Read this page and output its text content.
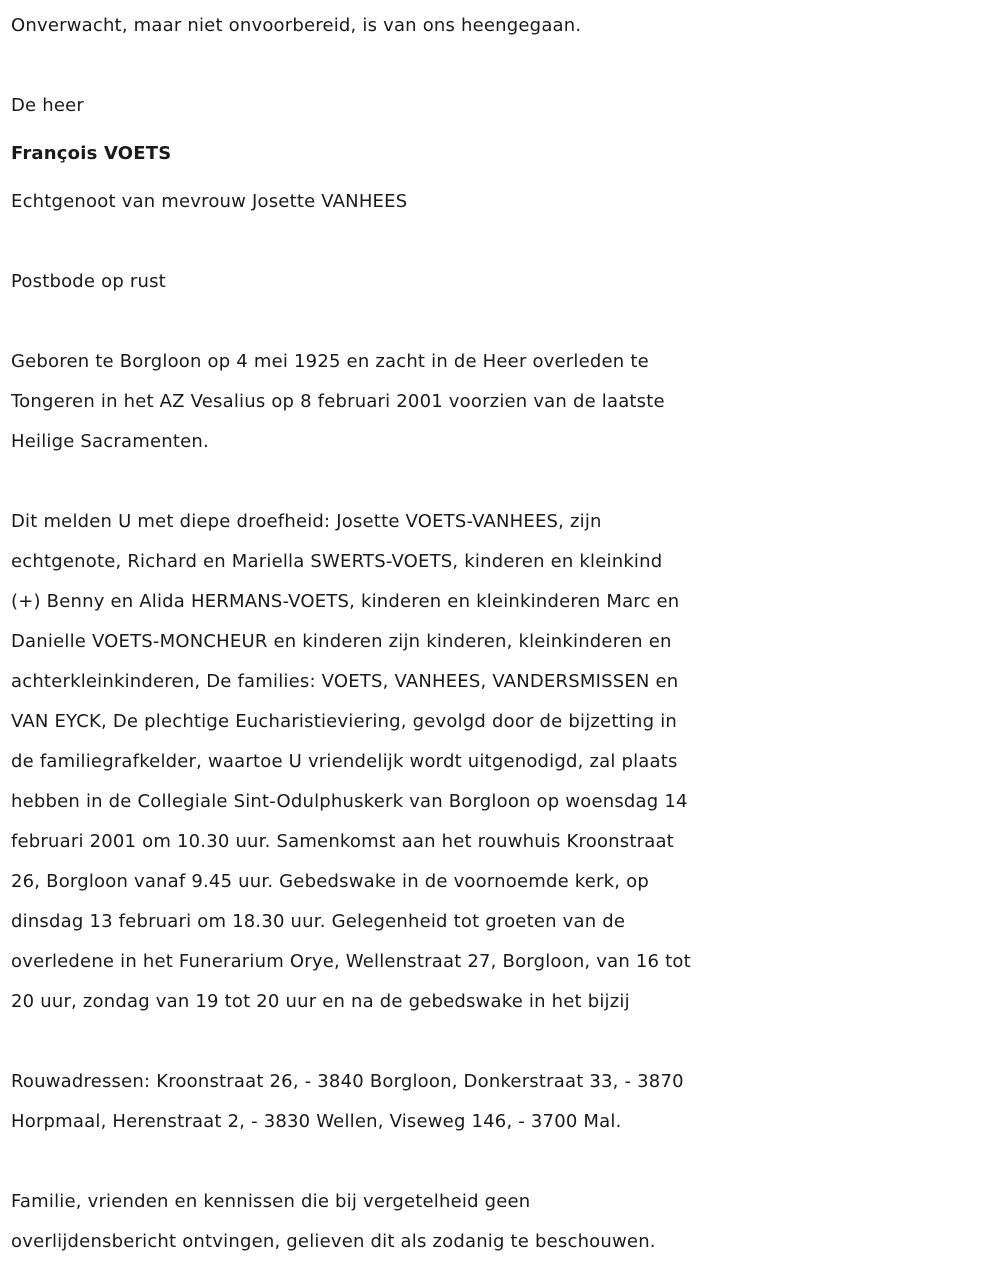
Onverwacht, maar niet onvoorbereid, is van ons heengegaan.

De heer

François VOETS

Echtgenoot van mevrouw Josette VANHEES

Postbode op rust

Geboren te Borgloon op 4 mei 1925 en zacht in de Heer overleden te
Tongeren in het AZ Vesalius op 8 februari 2001 voorzien van de laatste
Heilige Sacramenten.

Dit melden U met diepe droefheid: Josette VOETS-VANHEES, zijn
echtgenote, Richard en Mariella SWERTS-VOETS, kinderen en kleinkind
(+) Benny en Alida HERMANS-VOETS, kinderen en kleinkinderen Marc en
Danielle VOETS-MONCHEUR en kinderen zijn kinderen, kleinkinderen en
achterkleinkinderen, De families: VOETS, VANHEES, VANDERSMISSEN en
VAN EYCK, De plechtige Eucharistieviering, gevolgd door de bijzetting in
de familiegrafkelder, waartoe U vriendelijk wordt uitgenodigd, zal plaats
hebben in de Collegiale Sint-Odulphuskerk van Borgloon op woensdag 14
februari 2001 om 10.30 uur. Samenkomst aan het rouwhuis Kroonstraat
26, Borgloon vanaf 9.45 uur. Gebedswake in de voornoemde kerk, op
dinsdag 13 februari om 18.30 uur. Gelegenheid tot groeten van de
overledene in het Funerarium Orye, Wellenstraat 27, Borgloon, van 16 tot
20 uur, zondag van 19 tot 20 uur en na de gebedswake in het bijzij

Rouwadressen: Kroonstraat 26, - 3840 Borgloon, Donkerstraat 33, - 3870
Horpmaal, Herenstraat 2, - 3830 Wellen, Viseweg 146, - 3700 Mal.

Familie, vrienden en kennissen die bij vergetelheid geen
overlijdensbericht ontvingen, gelieven dit als zodanig te beschouwen.
